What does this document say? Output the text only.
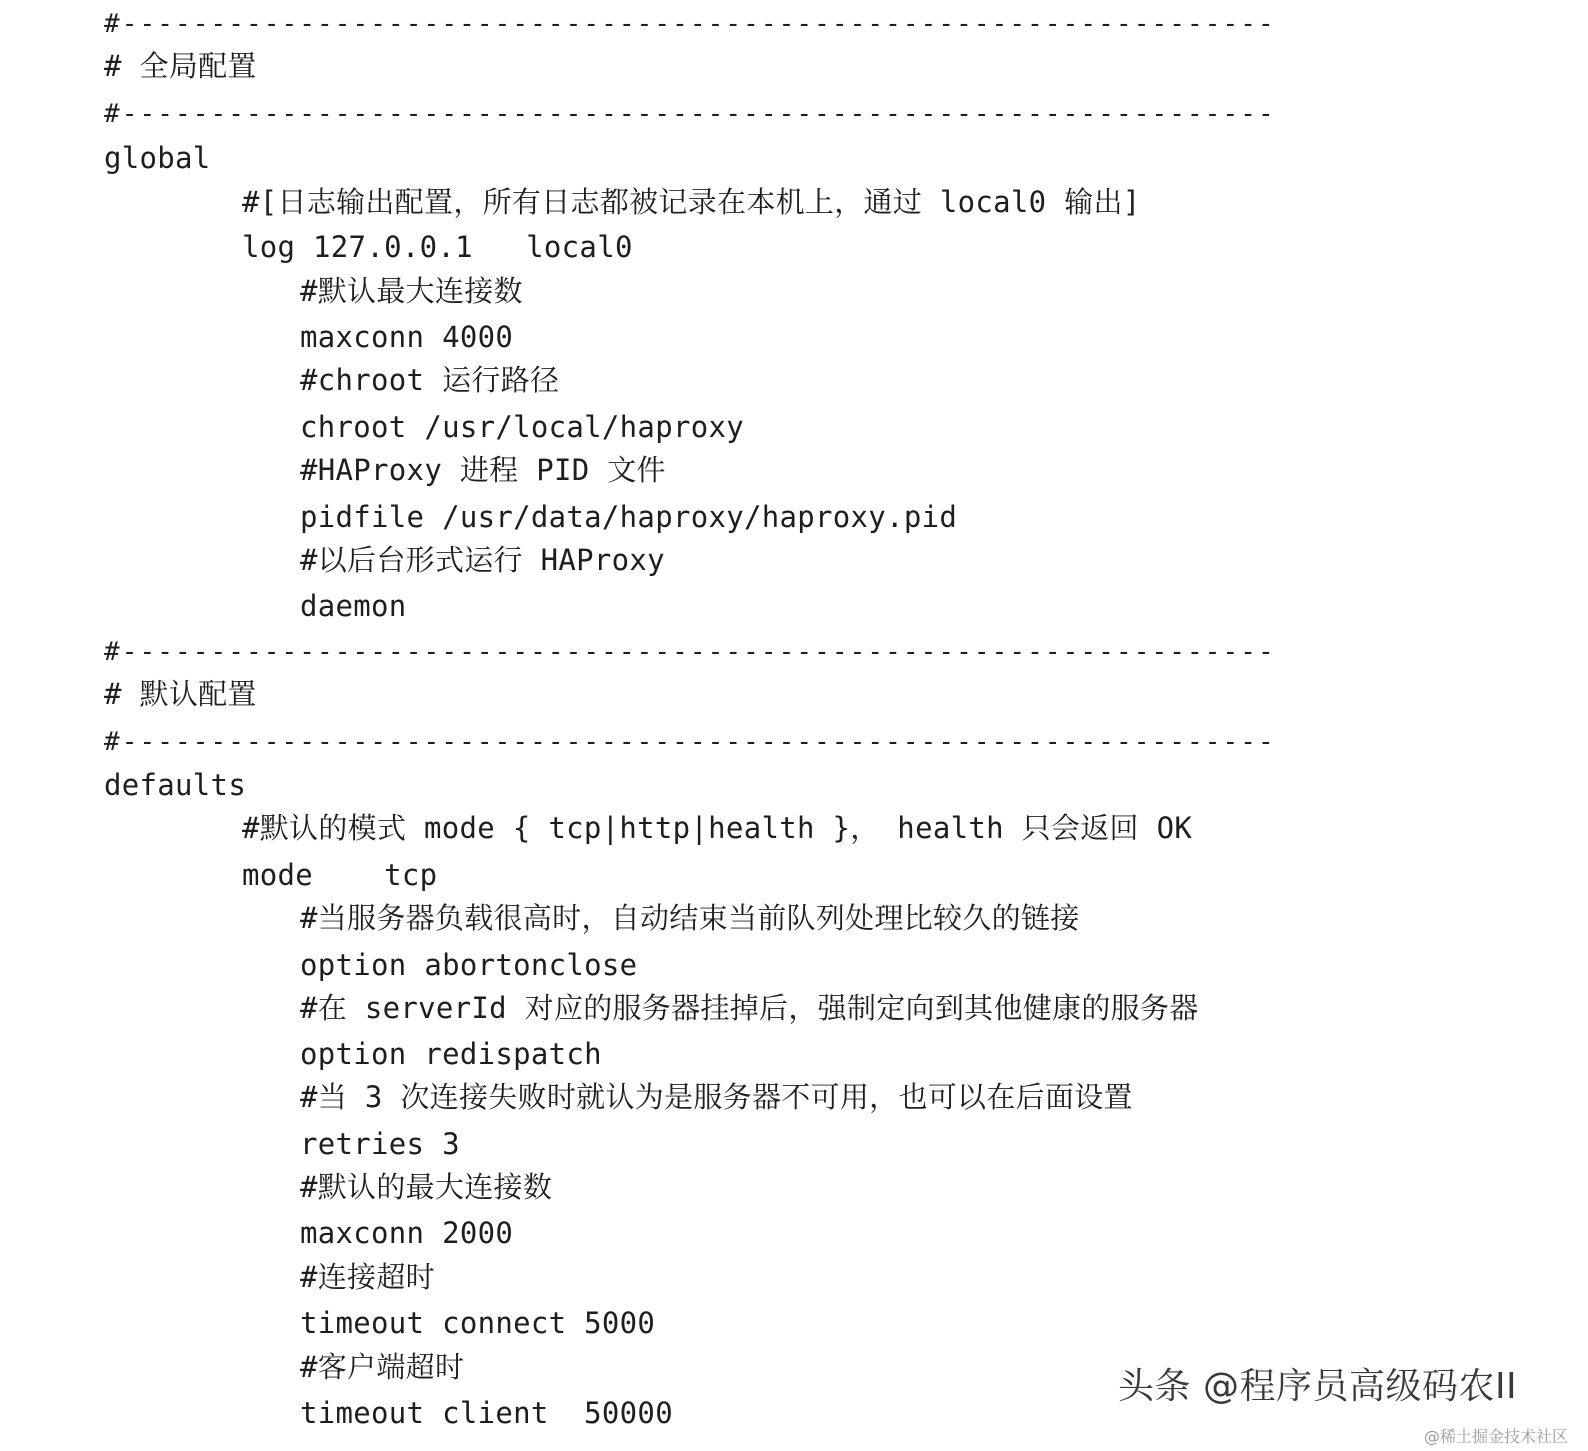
#-----------------------------------------------------------------
# 全局配置
#-----------------------------------------------------------------
global
#[日志输出配置，所有日志都被记录在本机上，通过 local0 输出]
log 127.0.0.1   local0
#默认最大连接数
maxconn 4000
#chroot 运行路径
chroot /usr/local/haproxy
#HAProxy 进程 PID 文件
pidfile /usr/data/haproxy/haproxy.pid
#以后台形式运行 HAProxy
daemon
#-----------------------------------------------------------------
# 默认配置
#-----------------------------------------------------------------
defaults
#默认的模式 mode { tcp|http|health }， health 只会返回 OK
mode    tcp
#当服务器负载很高时，自动结束当前队列处理比较久的链接
option abortonclose
#在 serverId 对应的服务器挂掉后，强制定向到其他健康的服务器
option redispatch
#当 3 次连接失败时就认为是服务器不可用，也可以在后面设置
retries 3
#默认的最大连接数
maxconn 2000
#连接超时
timeout connect 5000
#客户端超时
timeout client  50000
头条 @程序员高级码农II
@稀土掘金技术社区
